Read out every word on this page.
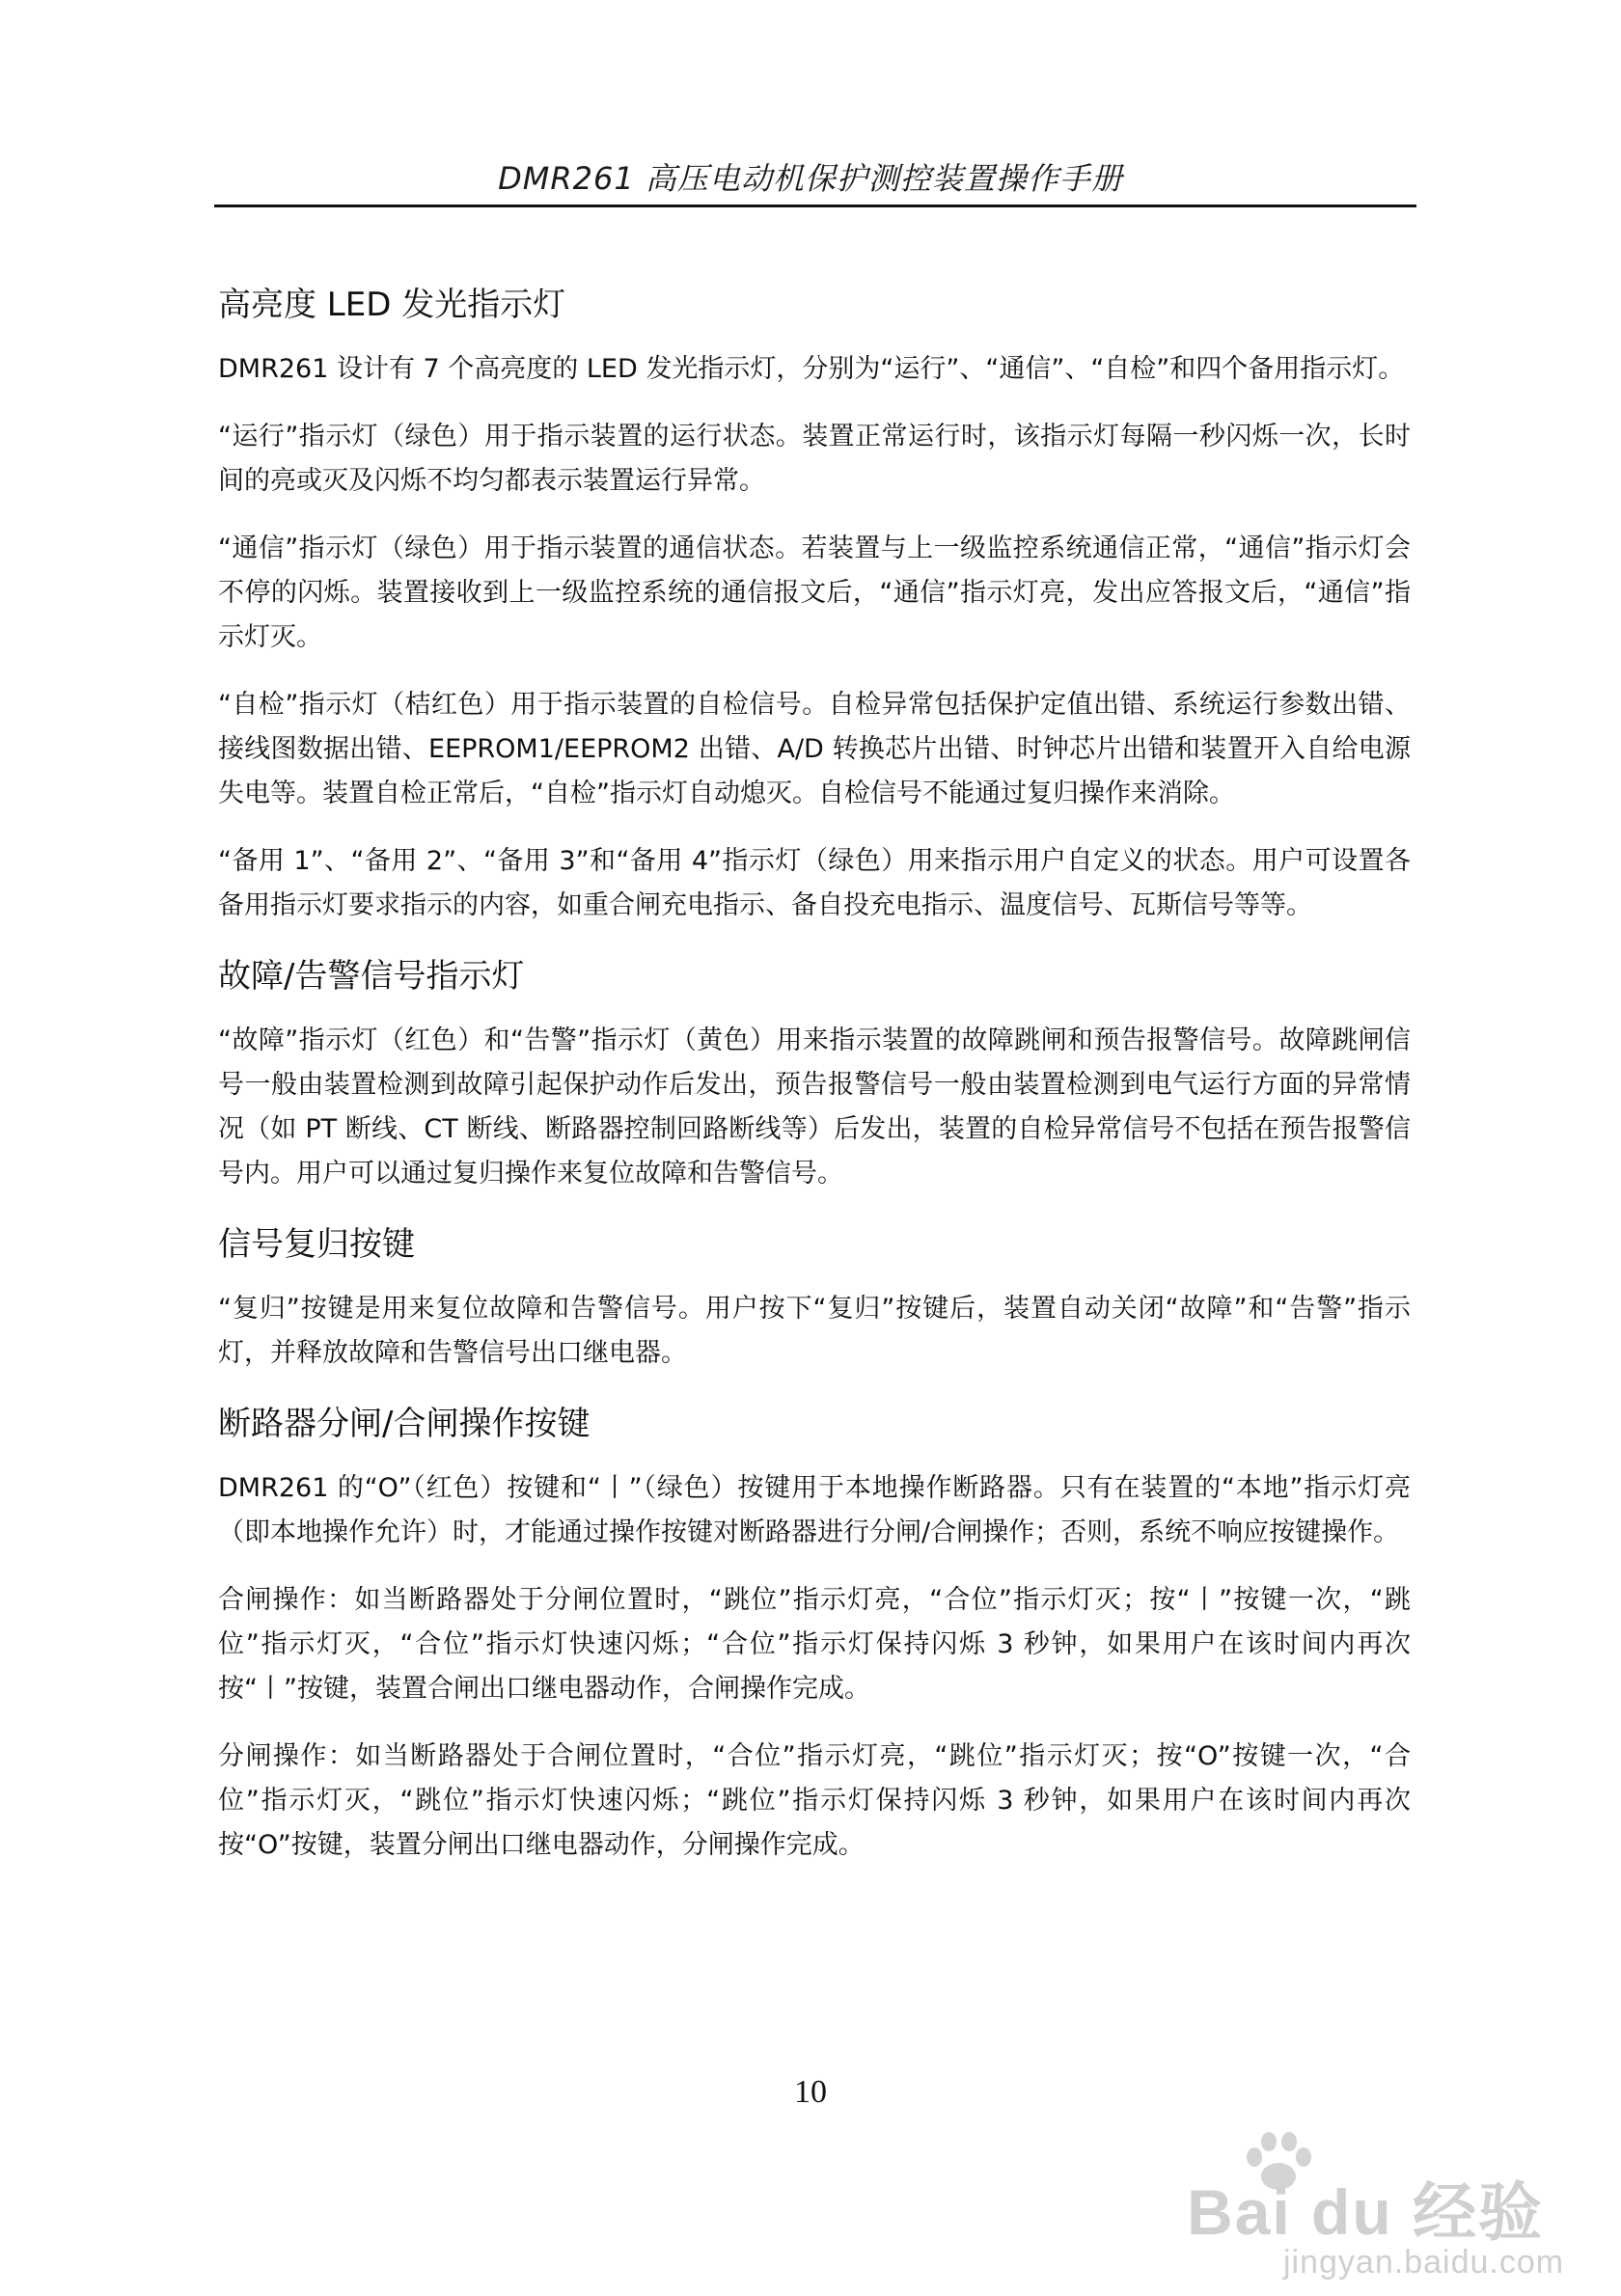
DMR261 高压电动机保护测控装置操作手册
高亮度 LED 发光指示灯

DMR261 设计有 7 个高亮度的 LED 发光指示灯，分别为“运行”、“通信”、“自检”和四个备用指示灯。

“运行”指示灯（绿色）用于指示装置的运行状态。装置正常运行时，该指示灯每隔一秒闪烁一次，长时间的亮或灭及闪烁不均匀都表示装置运行异常。

“通信”指示灯（绿色）用于指示装置的通信状态。若装置与上一级监控系统通信正常，“通信”指示灯会不停的闪烁。装置接收到上一级监控系统的通信报文后，“通信”指示灯亮，发出应答报文后，“通信”指示灯灭。

“自检”指示灯（桔红色）用于指示装置的自检信号。自检异常包括保护定值出错、系统运行参数出错、接线图数据出错、EEPROM1/EEPROM2 出错、A/D 转换芯片出错、时钟芯片出错和装置开入自给电源失电等。装置自检正常后，“自检”指示灯自动熄灭。自检信号不能通过复归操作来消除。

“备用 1”、“备用 2”、“备用 3”和“备用 4”指示灯（绿色）用来指示用户自定义的状态。用户可设置各备用指示灯要求指示的内容，如重合闸充电指示、备自投充电指示、温度信号、瓦斯信号等等。

故障/告警信号指示灯

“故障”指示灯（红色）和“告警”指示灯（黄色）用来指示装置的故障跳闸和预告报警信号。故障跳闸信号一般由装置检测到故障引起保护动作后发出，预告报警信号一般由装置检测到电气运行方面的异常情况（如 PT 断线、CT 断线、断路器控制回路断线等）后发出，装置的自检异常信号不包括在预告报警信号内。用户可以通过复归操作来复位故障和告警信号。

信号复归按键

“复归”按键是用来复位故障和告警信号。用户按下“复归”按键后，装置自动关闭“故障”和“告警”指示灯，并释放故障和告警信号出口继电器。

断路器分闸/合闸操作按键

DMR261 的“O”（红色）按键和“丨”（绿色）按键用于本地操作断路器。只有在装置的“本地”指示灯亮（即本地操作允许）时，才能通过操作按键对断路器进行分闸/合闸操作；否则，系统不响应按键操作。

合闸操作：如当断路器处于分闸位置时，“跳位”指示灯亮，“合位”指示灯灭；按“丨”按键一次，“跳位”指示灯灭，“合位”指示灯快速闪烁；“合位”指示灯保持闪烁 3 秒钟，如果用户在该时间内再次按“丨”按键，装置合闸出口继电器动作，合闸操作完成。

分闸操作：如当断路器处于合闸位置时，“合位”指示灯亮，“跳位”指示灯灭；按“O”按键一次，“合位”指示灯灭，“跳位”指示灯快速闪烁；“跳位”指示灯保持闪烁 3 秒钟，如果用户在该时间内再次按“O”按键，装置分闸出口继电器动作，分闸操作完成。

10
Bai du 经验
jingyan.baidu.com
